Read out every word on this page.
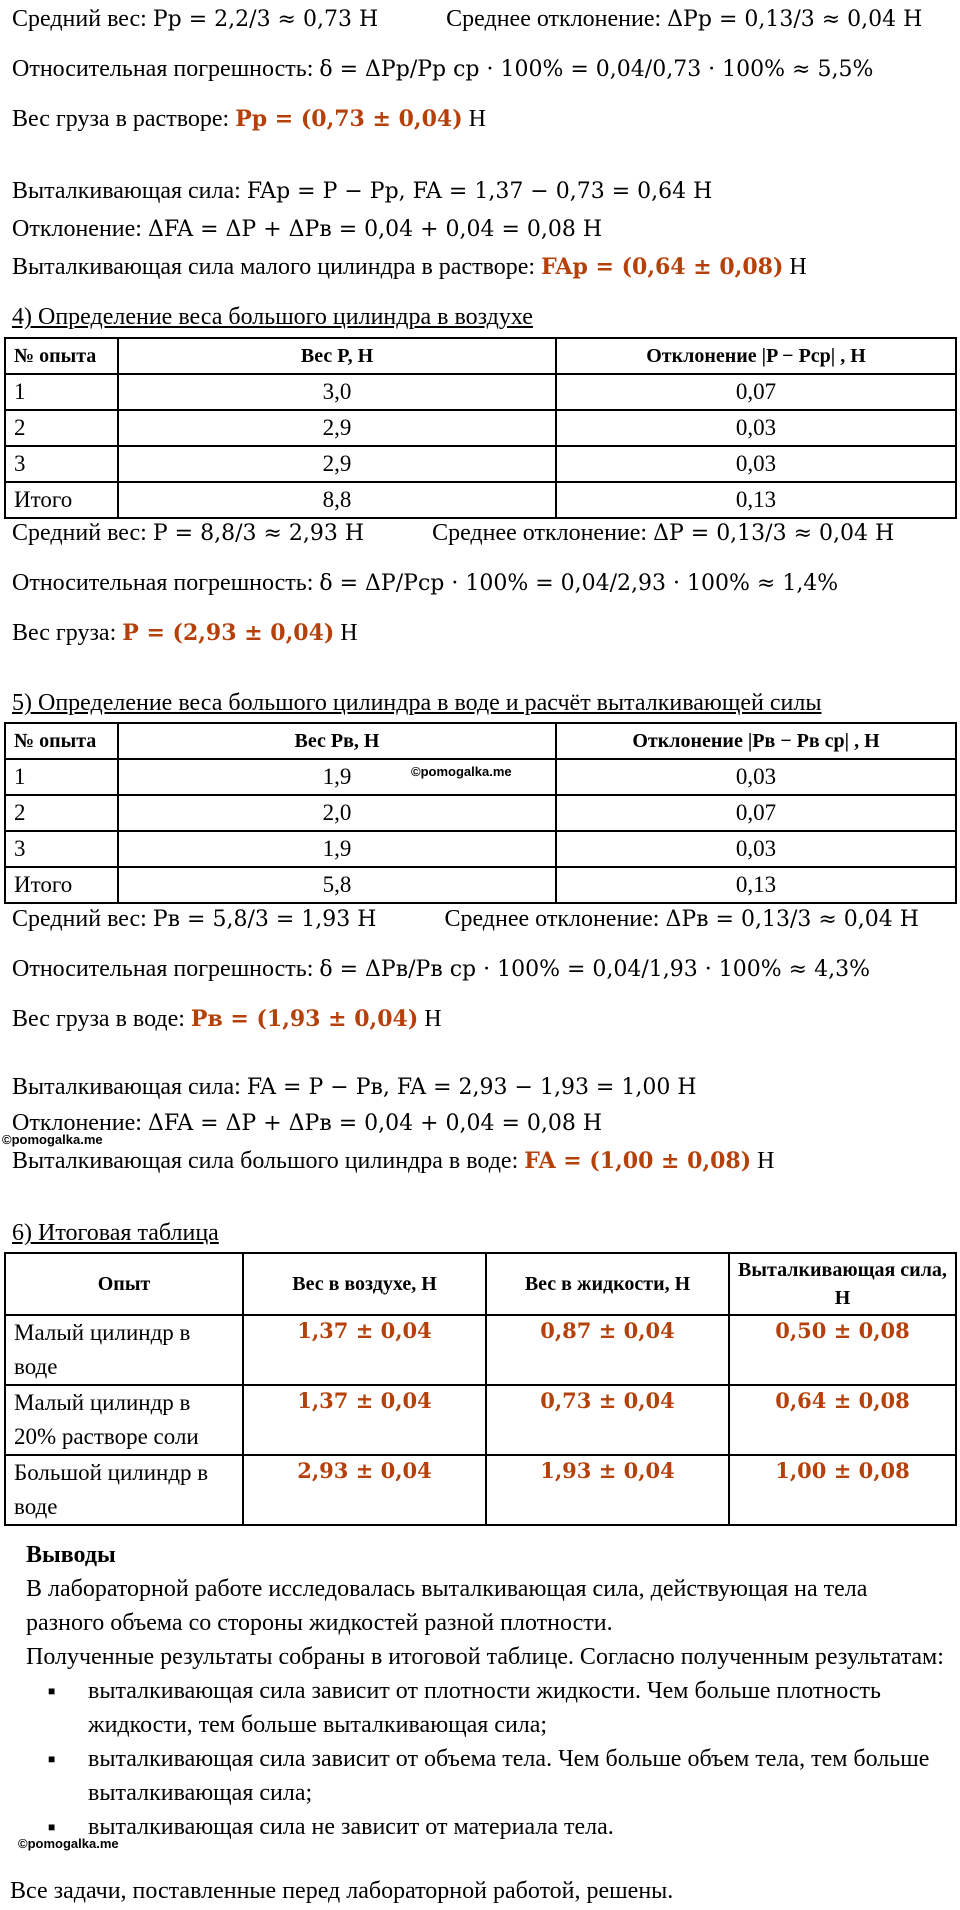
Средний вес: Pр = 2,2/3 ≈ 0,73 Н	Среднее отклонение: ΔPр = 0,13/3 ≈ 0,04 Н
Относительная погрешность: δ = ΔPр/Pр ср · 100% = 0,04/0,73 · 100% ≈ 5,5%
Вес груза в растворе: Pр = (0,73 ± 0,04) Н
Выталкивающая сила: FAр = P − Pр, FA = 1,37 − 0,73 = 0,64 Н
Отклонение: ΔFA = ΔP + ΔPв = 0,04 + 0,04 = 0,08 Н
Выталкивающая сила малого цилиндра в растворе: FAр = (0,64 ± 0,08) Н
4) Определение веса большого цилиндра в воздухе
№ опыта	Вес P, Н	Отклонение |P − Pср| , Н
1	3,0	0,07
2	2,9	0,03
3	2,9	0,03
Итого	8,8	0,13
Средний вес: P = 8,8/3 ≈ 2,93 Н	Среднее отклонение: ΔP = 0,13/3 ≈ 0,04 Н
Относительная погрешность: δ = ΔP/Pср · 100% = 0,04/2,93 · 100% ≈ 1,4%
Вес груза: P = (2,93 ± 0,04) Н
5) Определение веса большого цилиндра в воде и расчёт выталкивающей силы
№ опыта	Вес Pв, Н	Отклонение |Pв − Pв ср| , Н
1	1,9	0,03
2	2,0	0,07
3	1,9	0,03
Итого	5,8	0,13
©pomogalka.me
Средний вес: Pв = 5,8/3 = 1,93 Н	Среднее отклонение: ΔPв = 0,13/3 ≈ 0,04 Н
Относительная погрешность: δ = ΔPв/Pв ср · 100% = 0,04/1,93 · 100% ≈ 4,3%
Вес груза в воде: Pв = (1,93 ± 0,04) Н
Выталкивающая сила: FA = P − Pв, FA = 2,93 − 1,93 = 1,00 Н
Отклонение: ΔFA = ΔP + ΔPв = 0,04 + 0,04 = 0,08 Н
©pomogalka.me
Выталкивающая сила большого цилиндра в воде: FA = (1,00 ± 0,08) Н
6) Итоговая таблица
Опыт	Вес в воздухе, Н	Вес в жидкости, Н	Выталкивающая сила, Н
Малый цилиндр в воде	1,37 ± 0,04	0,87 ± 0,04	0,50 ± 0,08
Малый цилиндр в 20% растворе соли	1,37 ± 0,04	0,73 ± 0,04	0,64 ± 0,08
Большой цилиндр в воде	2,93 ± 0,04	1,93 ± 0,04	1,00 ± 0,08
Выводы
В лабораторной работе исследовалась выталкивающая сила, действующая на тела разного объема со стороны жидкостей разной плотности.
Полученные результаты собраны в итоговой таблице. Согласно полученным результатам:
■ выталкивающая сила зависит от плотности жидкости. Чем больше плотность жидкости, тем больше выталкивающая сила;
■ выталкивающая сила зависит от объема тела. Чем больше объем тела, тем больше выталкивающая сила;
■ выталкивающая сила не зависит от материала тела.
©pomogalka.me
Все задачи, поставленные перед лабораторной работой, решены.
